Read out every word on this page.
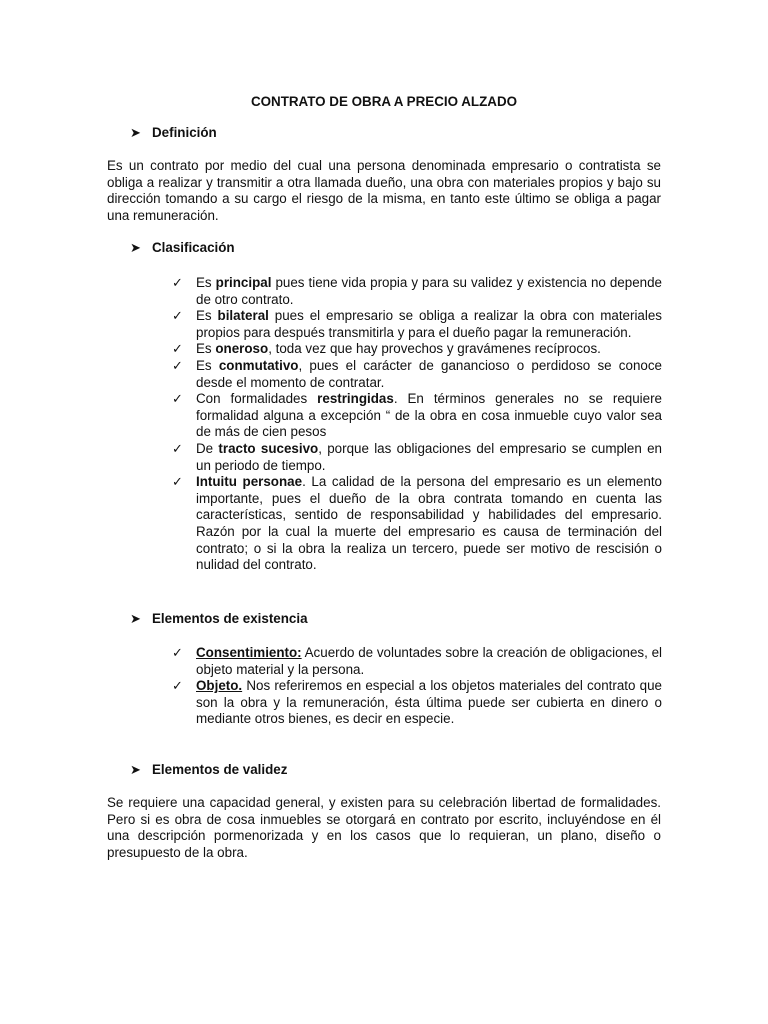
CONTRATO DE OBRA A PRECIO ALZADO
➤ Definición

Es un contrato por medio del cual una persona denominada empresario o contratista se obliga a realizar y transmitir a otra llamada dueño, una obra con materiales propios y bajo su dirección tomando a su cargo el riesgo de la misma, en tanto este último se obliga a pagar una remuneración.

➤ Clasificación
✓ Es principal pues tiene vida propia y para su validez y existencia no depende de otro contrato.
✓ Es bilateral pues el empresario se obliga a realizar la obra con materiales propios para después transmitirla y para el dueño pagar la remuneración.
✓ Es oneroso, toda vez que hay provechos y gravámenes recíprocos.
✓ Es conmutativo, pues el carácter de ganancioso o perdidoso se conoce desde el momento de contratar.
✓ Con formalidades restringidas. En términos generales no se requiere formalidad alguna a excepción “ de la obra en cosa inmueble cuyo valor sea de más de cien pesos
✓ De tracto sucesivo, porque las obligaciones del empresario se cumplen en un periodo de tiempo.
✓ Intuitu personae. La calidad de la persona del empresario es un elemento importante, pues el dueño de la obra contrata tomando en cuenta las características, sentido de responsabilidad y habilidades del empresario. Razón por la cual la muerte del empresario es causa de terminación del contrato; o si la obra la realiza un tercero, puede ser motivo de rescisión o nulidad del contrato.
➤ Elementos de existencia
✓ Consentimiento: Acuerdo de voluntades sobre la creación de obligaciones, el objeto material y la persona.
✓ Objeto. Nos referiremos en especial a los objetos materiales del contrato que son la obra y la remuneración, ésta última puede ser cubierta en dinero o mediante otros bienes, es decir en especie.
➤ Elementos de validez

Se requiere una capacidad general, y existen para su celebración libertad de formalidades. Pero si es obra de cosa inmuebles se otorgará en contrato por escrito, incluyéndose en él una descripción pormenorizada y en los casos que lo requieran, un plano, diseño o presupuesto de la obra.
